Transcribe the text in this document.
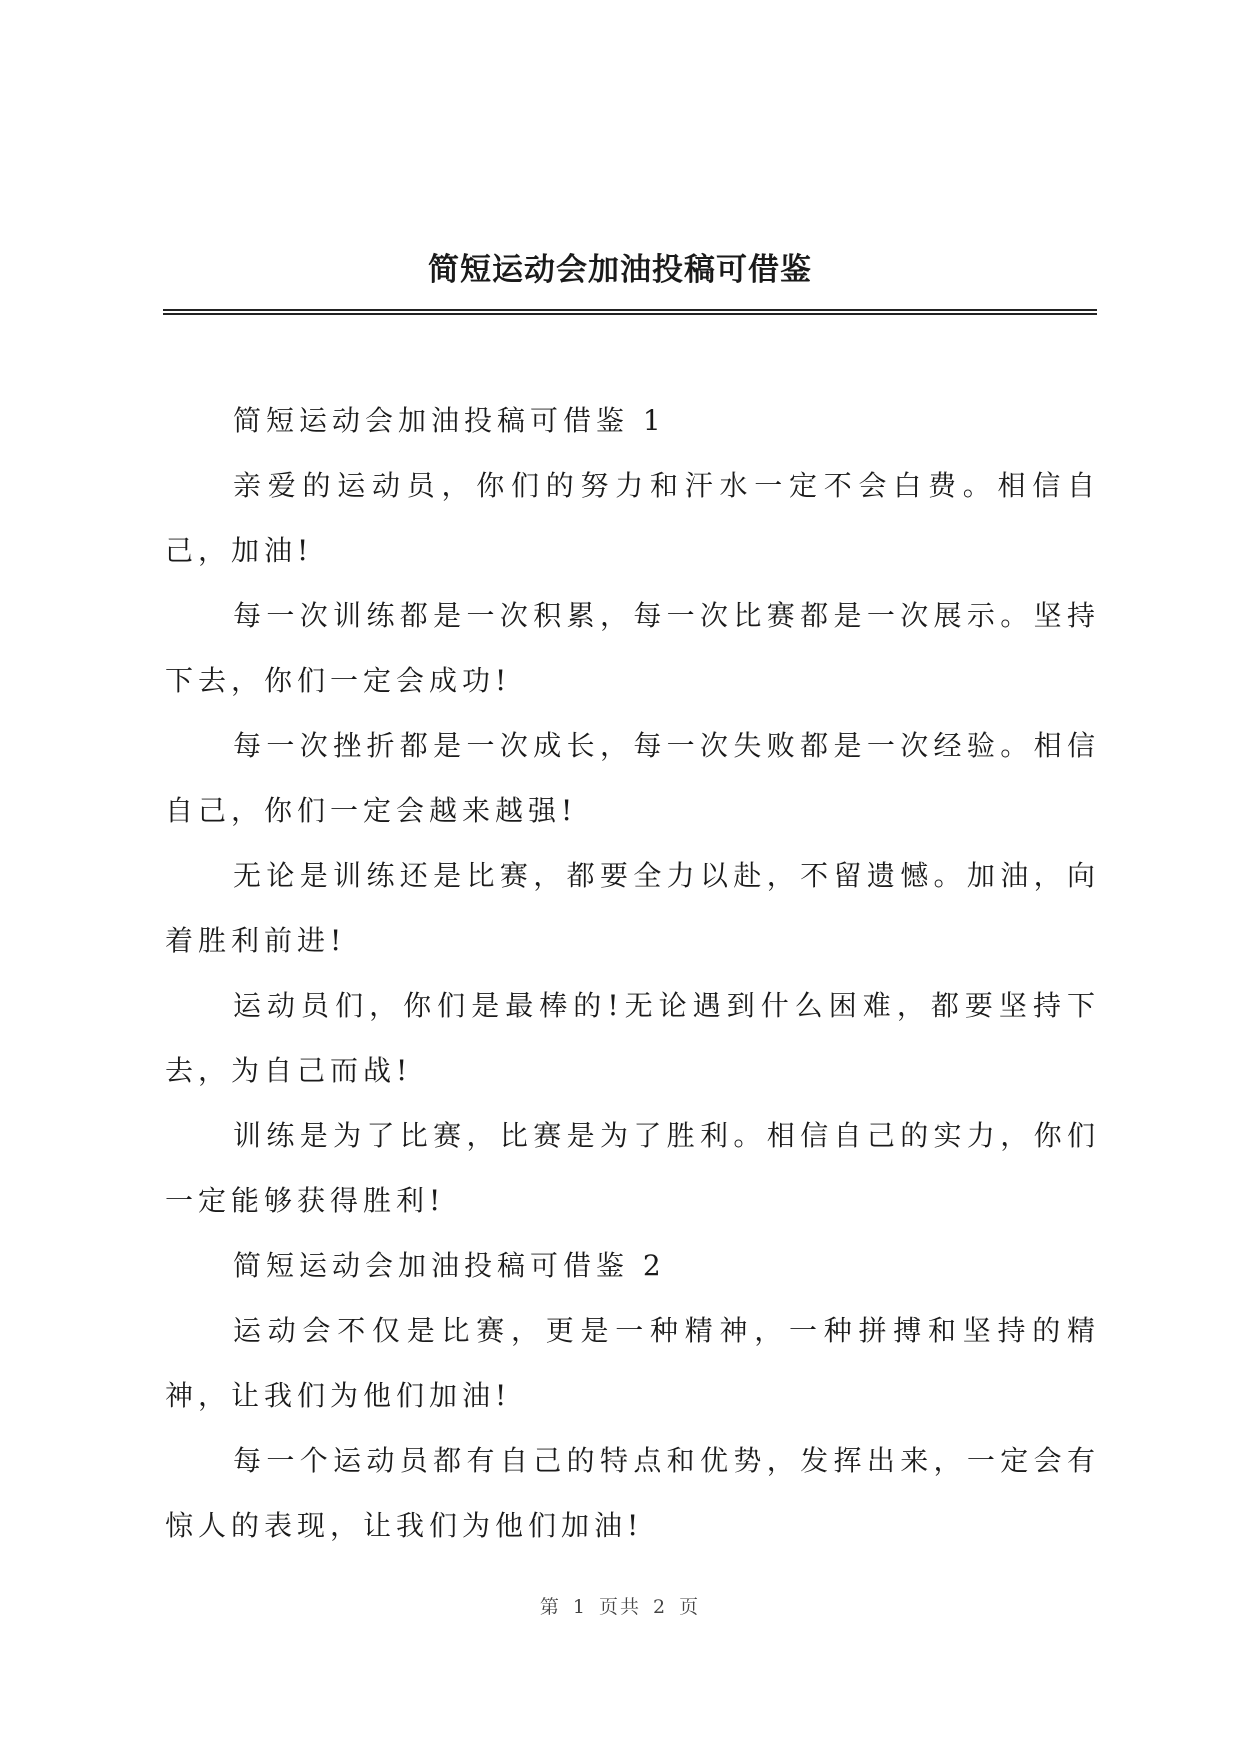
简短运动会加油投稿可借鉴

简短运动会加油投稿可借鉴 1

亲爱的运动员，你们的努力和汗水一定不会白费。相信自己，加油!

每一次训练都是一次积累，每一次比赛都是一次展示。坚持下去，你们一定会成功!

每一次挫折都是一次成长，每一次失败都是一次经验。相信自己，你们一定会越来越强!

无论是训练还是比赛，都要全力以赴，不留遗憾。加油，向着胜利前进!

运动员们，你们是最棒的!无论遇到什么困难，都要坚持下去，为自己而战!

训练是为了比赛，比赛是为了胜利。相信自己的实力，你们一定能够获得胜利!

简短运动会加油投稿可借鉴 2

运动会不仅是比赛，更是一种精神，一种拼搏和坚持的精神，让我们为他们加油!

每一个运动员都有自己的特点和优势，发挥出来，一定会有惊人的表现，让我们为他们加油!

第 1 页共 2 页
